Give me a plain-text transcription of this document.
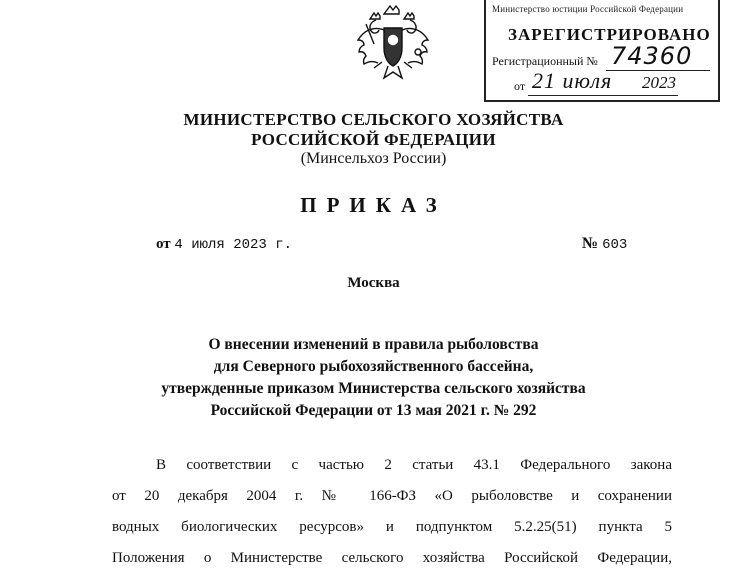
Министерство юстиции Российской Федерации
ЗАРЕГИСТРИРОВАНО
Регистрационный № 74360
от 21 июля 2023
МИНИСТЕРСТВО СЕЛЬСКОГО ХОЗЯЙСТВА
РОССИЙСКОЙ ФЕДЕРАЦИИ
(Минсельхоз России)
ПРИКАЗ
от 4 июля 2023 г.	№ 603
Москва
О внесении изменений в правила рыболовства
для Северного рыбохозяйственного бассейна,
утвержденные приказом Министерства сельского хозяйства
Российской Федерации от 13 мая 2021 г. № 292
В соответствии с частью 2 статьи 43.1 Федерального закона
от 20 декабря 2004 г. № 166-ФЗ «О рыболовстве и сохранении
водных биологических ресурсов» и подпунктом 5.2.25(51) пункта 5
Положения о Министерстве сельского хозяйства Российской Федерации,
